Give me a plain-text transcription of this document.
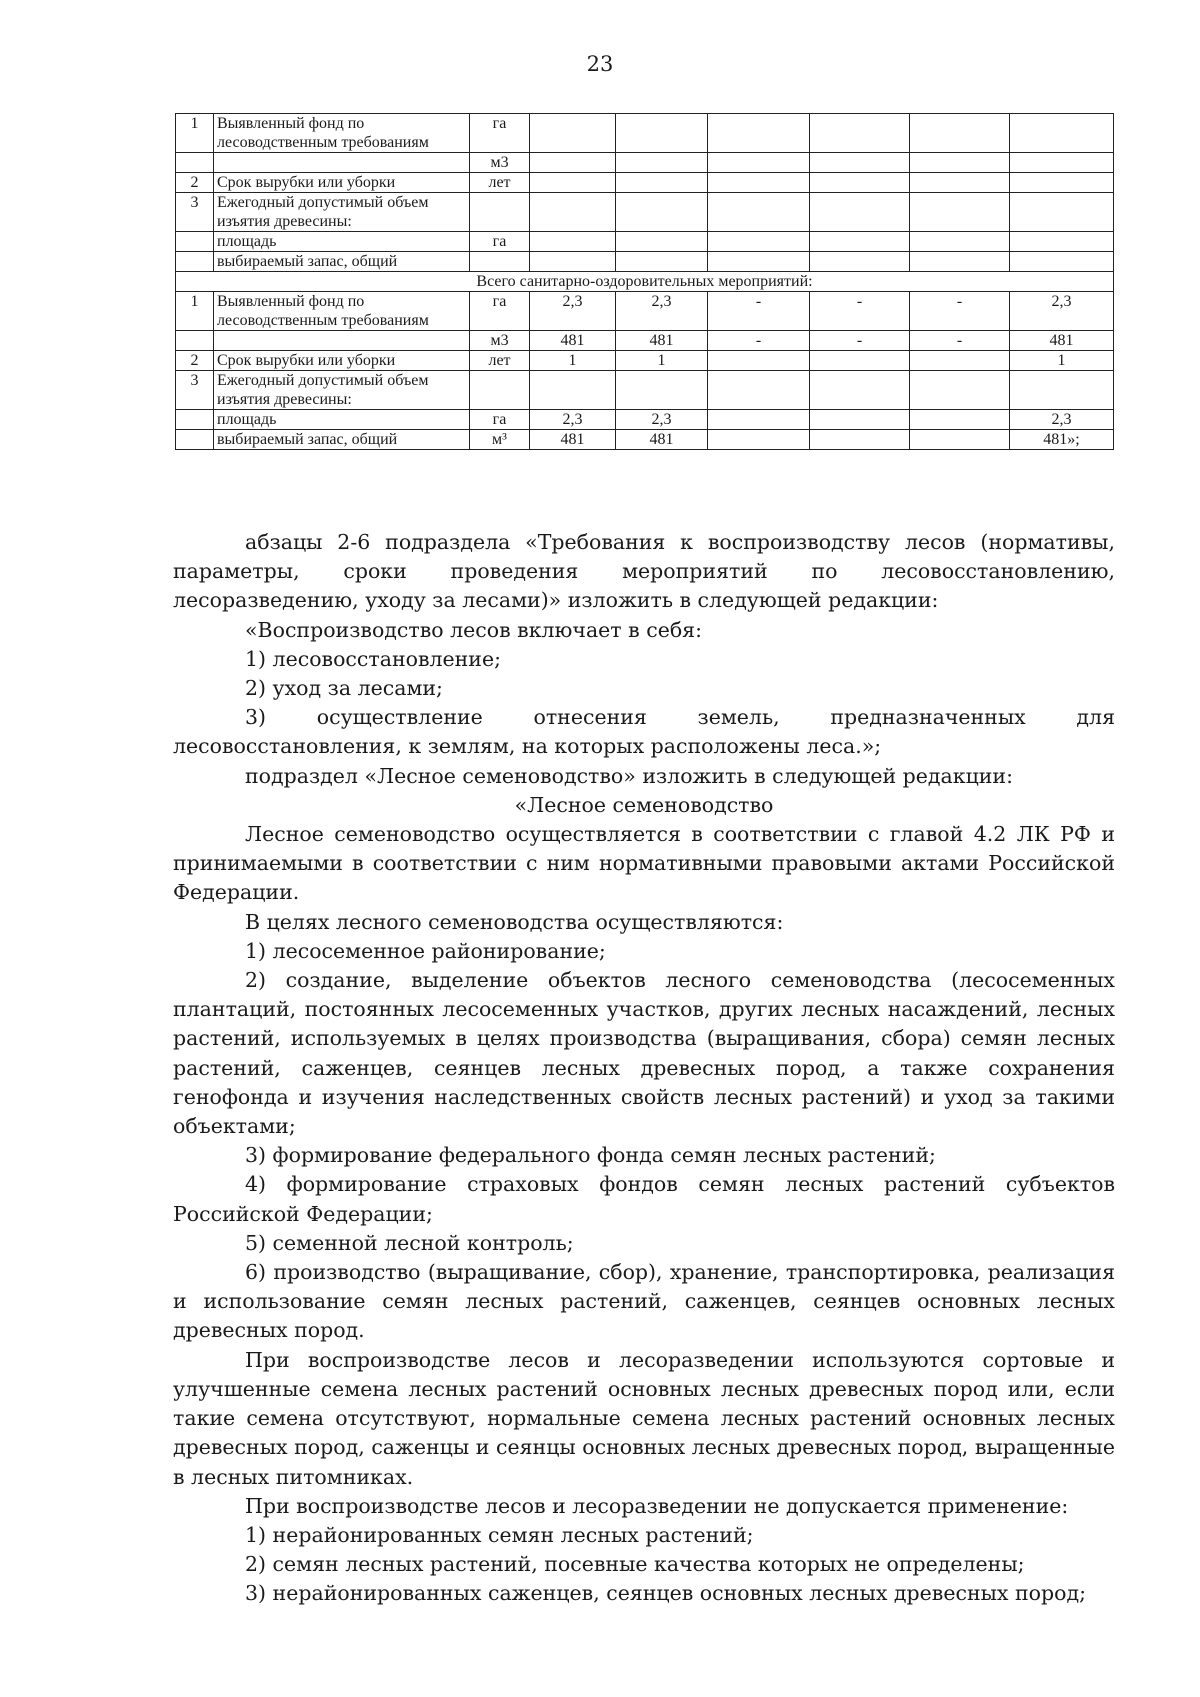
23
1	Выявленный фонд по лесоводственным требованиям	га						
		м3						
2	Срок вырубки или уборки	лет						
3	Ежегодный допустимый объем изъятия древесины:							
	площадь	га						
	выбираемый запас, общий							
Всего санитарно-оздоровительных мероприятий:								
1	Выявленный фонд по лесоводственным требованиям	га	2,3	2,3	-	-	-	2,3
		м3	481	481	-	-	-	481
2	Срок вырубки или уборки	лет	1	1				1
3	Ежегодный допустимый объем изъятия древесины:							
	площадь	га	2,3	2,3				2,3
	выбираемый запас, общий	м³	481	481				481»;

абзацы 2-6 подраздела «Требования к воспроизводству лесов (нормативы, параметры, сроки проведения мероприятий по лесовосстановлению, лесоразведению, уходу за лесами)» изложить в следующей редакции:

«Воспроизводство лесов включает в себя:

1) лесовосстановление;

2) уход за лесами;

3) осуществление отнесения земель, предназначенных для лесовосстановления, к землям, на которых расположены леса.»;

подраздел «Лесное семеноводство» изложить в следующей редакции:

«Лесное семеноводство

Лесное семеноводство осуществляется в соответствии с главой 4.2 ЛК РФ и принимаемыми в соответствии с ним нормативными правовыми актами Российской Федерации.

В целях лесного семеноводства осуществляются:

1) лесосеменное районирование;

2) создание, выделение объектов лесного семеноводства (лесосеменных плантаций, постоянных лесосеменных участков, других лесных насаждений, лесных растений, используемых в целях производства (выращивания, сбора) семян лесных растений, саженцев, сеянцев лесных древесных пород, а также сохранения генофонда и изучения наследственных свойств лесных растений) и уход за такими объектами;

3) формирование федерального фонда семян лесных растений;

4) формирование страховых фондов семян лесных растений субъектов Российской Федерации;

5) семенной лесной контроль;

6) производство (выращивание, сбор), хранение, транспортировка, реализация и использование семян лесных растений, саженцев, сеянцев основных лесных древесных пород.

При воспроизводстве лесов и лесоразведении используются сортовые и улучшенные семена лесных растений основных лесных древесных пород или, если такие семена отсутствуют, нормальные семена лесных растений основных лесных древесных пород, саженцы и сеянцы основных лесных древесных пород, выращенные в лесных питомниках.

При воспроизводстве лесов и лесоразведении не допускается применение:

1) нерайонированных семян лесных растений;

2) семян лесных растений, посевные качества которых не определены;

3) нерайонированных саженцев, сеянцев основных лесных древесных пород;
